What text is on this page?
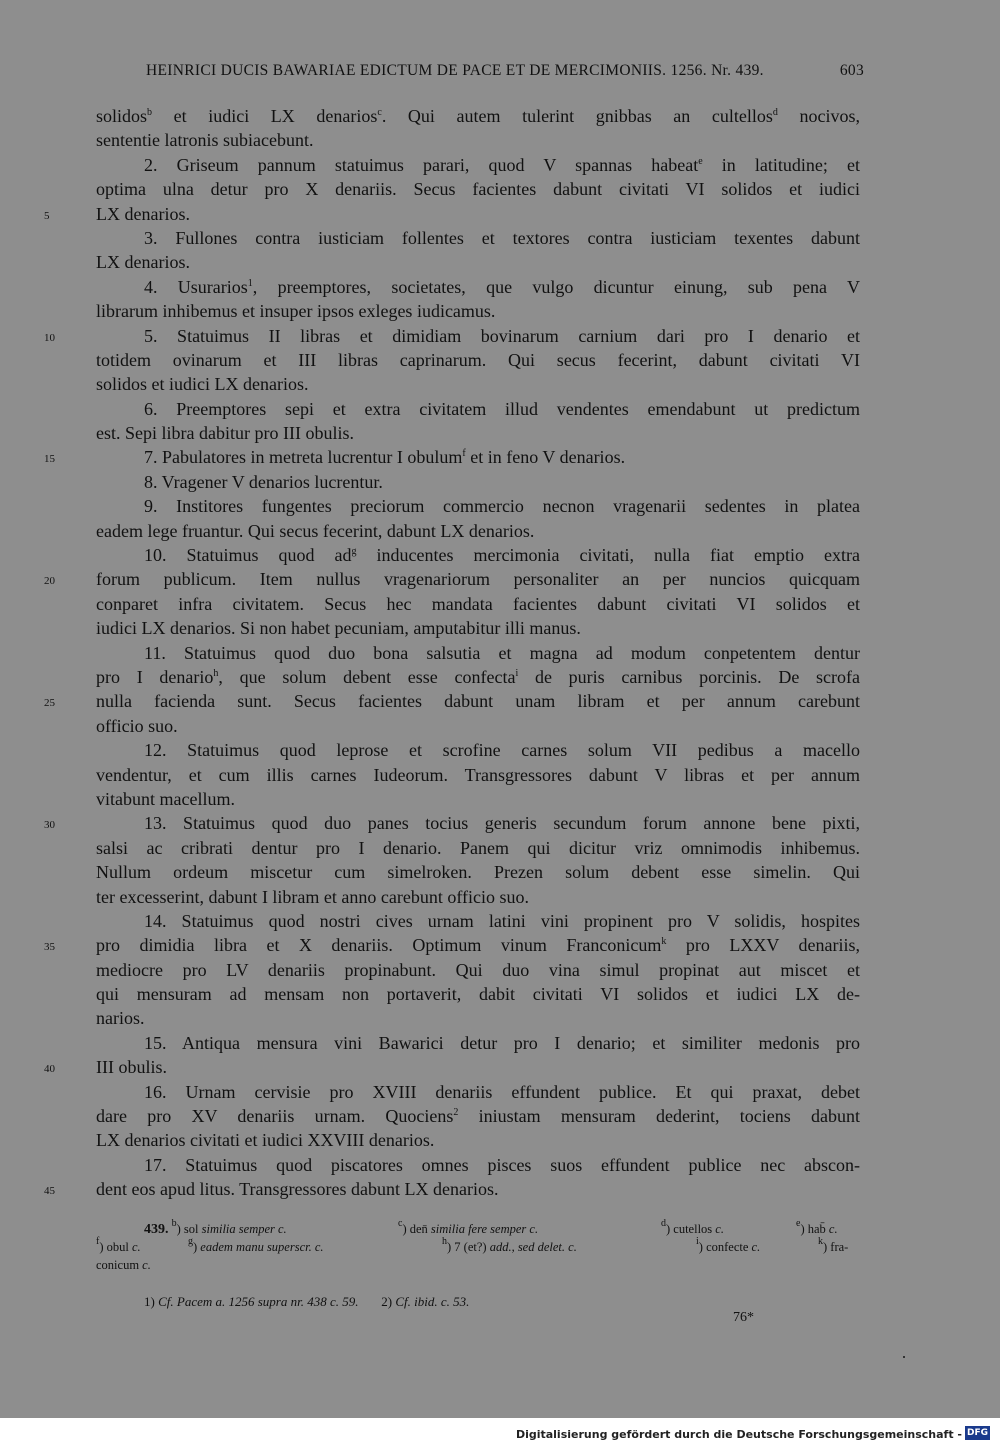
HEINRICI DUCIS BAWARIAE EDICTUM DE PACE ET DE MERCIMONIIS. 1256. Nr. 439.	603
solidos$^b$ et iudici LX denarios$^c$. Qui autem tulerint gnibbas an cultellos$^d$ nocivos,
sententie latronis subiacebunt.
2. Griseum pannum statuimus parari, quod V spannas habeat$^e$ in latitudine; et
optima ulna detur pro X denariis. Secus facientes dabunt civitati VI solidos et iudici
LX denarios.
5
3. Fullones contra iusticiam follentes et textores contra iusticiam texentes dabunt
LX denarios.
4. Usurarios$^1$, preemptores, societates, que vulgo dicuntur einung, sub pena V
librarum inhibemus et insuper ipsos exleges iudicamus.
5. Statuimus II libras et dimidiam bovinarum carnium dari pro I denario et
10
totidem ovinarum et III libras caprinarum. Qui secus fecerint, dabunt civitati VI
solidos et iudici LX denarios.
6. Preemptores sepi et extra civitatem illud vendentes emendabunt ut predictum
est. Sepi libra dabitur pro III obulis.
7. Pabulatores in metreta lucrentur I obulum$^f$ et in feno V denarios.
15
8. Vragener V denarios lucrentur.
9. Institores fungentes preciorum commercio necnon vragenarii sedentes in platea
eadem lege fruantur. Qui secus fecerint, dabunt LX denarios.
10. Statuimus quod $ad^g$ inducentes mercimonia civitati, nulla fiat emptio extra
forum publicum. Item nullus vragenariorum personaliter an per nuncios quicquam
20
conparet infra civitatem. Secus hec mandata facientes dabunt civitati VI solidos et
iudici LX denarios. Si non habet pecuniam, amputabitur illi manus.
11. Statuimus quod duo bona salsutia et magna ad modum conpetentem dentur
pro I denario$^h$, que solum debent esse confecta$^i$ de puris carnibus porcinis. De scrofa
nulla facienda sunt. Secus facientes dabunt unam libram et per annum carebunt
25
officio suo.
12. Statuimus quod leprose et scrofine carnes solum VII pedibus a macello
vendentur, et cum illis carnes Iudeorum. Transgressores dabunt V libras et per annum
vitabunt macellum.
13. Statuimus quod duo panes tocius generis secundum forum annone bene pixti,
30
salsi ac cribrati dentur pro I denario. Panem qui dicitur vriz omnimodis inhibemus.
Nullum ordeum miscetur cum simelroken. Prezen solum debent esse simelin. Qui
ter excesserint, dabunt I libram et anno carebunt officio suo.
14. Statuimus quod nostri cives urnam latini vini propinent pro V solidis, hospites
pro dimidia libra et X denariis. Optimum vinum Franconicum$^k$ pro LXXV denariis,
35
mediocre pro LV denariis propinabunt. Qui duo vina simul propinat aut miscet et
qui mensuram ad mensam non portaverit, dabit civitati VI solidos et iudici LX de-
narios.
15. Antiqua mensura vini Bawarici detur pro I denario; et similiter medonis pro
III obulis.
40
16. Urnam cervisie pro XVIII denariis effundent publice. Et qui praxat, debet
dare pro XV denariis urnam. Quociens$^2$ iniustam mensuram dederint, tociens dabunt
LX denarios civitati et iudici XXVIII denarios.
17. Statuimus quod piscatores omnes pisces suos effundent publice nec abscon-
dent eos apud litus. Transgressores dabunt LX denarios.
45
439. $^b$) sol similia semper c.	$^c$) den̄ similia fere semper c.	$^d$) cutellos c.	$^e$) hab̄ c.
$^f$) obul c.	$^g$) eadem manu superscr. c.	$^h$) 7 (et?) add., sed delet. c.	$^i$) confecte c.	$^k$) fra-
conicum c.
1) Cf. Pacem a. 1256 supra nr. 438 c. 59.       2) Cf. ibid. c. 53.
76*
Digitalisierung gefördert durch die Deutsche Forschungsgemeinschaft - DFG
